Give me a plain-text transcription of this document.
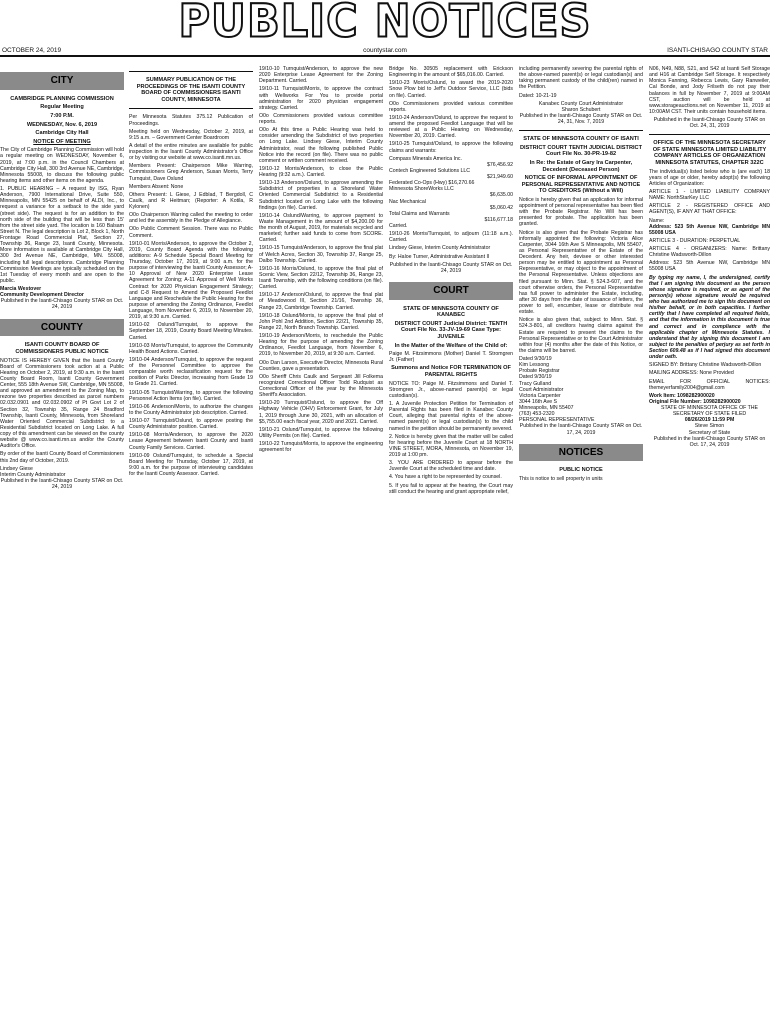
PUBLIC NOTICES
OCTOBER 24, 2019	countystar.com	ISANTI-CHISAGO COUNTY STAR
CITY
CAMBRIDGE PLANNING COMMISSION
Regular Meeting
7:00 P.M.
WEDNESDAY, Nov. 6, 2019
Cambridge City Hall
NOTICE OF MEETING
The City of Cambridge Planning Commission will hold a regular meeting on WEDNESDAY, November 6, 2019, at 7:00 p.m. in the Council Chambers at Cambridge City Hall, 300 3rd Avenue NE, Cambridge, Minnesota 55008, to discuss the following public hearing items and other items on the agenda.
1. PUBLIC HEARING – A request by ISG, Ryan Anderson, 7900 International Drive, Suite 550, Minneapolis, MN 55425 on behalf of ALDI, Inc., to request a variance for a setback to the side yard (street side). The request is for an addition to the north side of the building that will be less than 15' from the street side yard. The location is 160 Balsam Street N. The legal description is Lot 2, Block 1, North Frontage Road Commercial Plat, Section 27, Township 36, Range 23, Isanti County, Minnesota. More information is available at Cambridge City Hall, 300 3rd Avenue NE, Cambridge, MN. 55008, including full legal descriptions. Cambridge Planning Commission Meetings are typically scheduled on the 1st Tuesday of every month and are open to the public.
Marcia Westover
Community Development Director
Published in the Isanti-Chisago County STAR on Oct. 24, 2019
COUNTY
ISANTI COUNTY BOARD OF COMMISSIONERS PUBLIC NOTICE
NOTICE IS HEREBY GIVEN that the Isanti County Board of Commissioners took action at a Public Hearing on October 2, 2019, at 9:30 a.m. in the Isanti County Board Room, Isanti County Government Center, 555 18th Avenue SW, Cambridge, MN 55008, and approved an amendment to the Zoning Map, to rezone two properties described as parcel numbers 02.032.0901 and 02.032.0902 of Pt Govt Lot 2 of Section 32, Township 35, Range 24 Bradford Township, Isanti County, Minnesota, from Shoreland Water Oriented Commercial Subdistrict to a Residential Subdistrict located on Long Lake. A full copy of this amendment can be viewed on the county website @ www.co.isanti.mn.us and/or the County Auditor's Office.
By order of the Isanti County Board of Commissioners this 2nd day of October, 2019.
Lindsey Giese
Interim County Administrator
Published in the Isanti-Chisago County STAR on Oct. 24, 2019
SUMMARY PUBLICATION OF THE PROCEEDINGS OF THE ISANTI COUNTY BOARD OF COMMISSIONERS ISANTI COUNTY, MINNESOTA
Per Minnesota Statutes 375.12 Publication of Proceedings.
Meeting held on Wednesday, October 2, 2019, at 9:15 a.m. – Government Center Boardroom
A detail of the entire minutes are available for public inspection in the Isanti County Administrator's Office or by visiting our website at www.co.isanti.mn.us.
Members Present: Chairperson Mike Warring, Commissioners Greg Anderson, Susan Morris, Terry Turnquist, Dave Oslund
Members Absent: None
Others Present: L Giese, J Edblad, T Bergdoll, C Caulk, and R Heitman; (Reporter: A Kotila, R Kylonen)
O0o Chairperson Warring called the meeting to order and led the assembly in the Pledge of Allegiance.
O0o Public Comment Session. There was no Public Comment.
19/10-01 Morris/Anderson, to approve the October 2, 2019, County Board Agenda with the following additions: A-9 Schedule Special Board Meeting for Thursday, October 17, 2019, at 9:00 a.m. for the purpose of interviewing the Isanti County Assessor; A-10 Approval of New 2020 Enterprise Lease Agreement for Zoning; A-11 Approval of Well Works Contract for 2020 Physician Engagement Strategy; and C-8 Request to Amend the Proposed Feedlot Language and Reschedule the Public Hearing for the purpose of amending the Zoning Ordinance, Feedlot Language, from November 6, 2019, to November 20, 2019, at 9:30 a.m. Carried.
19/10-02 Oslund/Turnquist, to approve the September 18, 2019, County Board Meeting Minutes. Carried.
19/10-03 Morris/Turnquist, to approve the Community Health Board Actions. Carried.
19/10-04 Anderson/Turnquist, to approve the request of the Personnel Committee to approve the comparable worth reclassification request for the position of Parks Director, increasing from Grade 19 to Grade 21. Carried.
19/10-05 Turnquist/Warring, to approve the following Personnel Action Items (on file). Carried.
19/10-06 Anderson/Morris, to authorize the changes to the County Administrator job description. Carried.
19/10-07 Turnquist/Oslund, to approve posting the County Administrator position. Carried.
19/10-08 Morris/Anderson, to approve the 2020 Lease Agreement between Isanti County and Isanti County Family Services. Carried.
19/10-09 Oslund/Turnquist, to schedule a Special Board Meeting for Thursday, October 17, 2019, at 9:00 a.m. for the purpose of interviewing candidates for the Isanti County Assessor. Carried.
19/10-10 Turnquist/Anderson, to approve the new 2020 Enterprise Lease Agreement for the Zoning Department. Carried.
19/10-11 Turnquist/Morris, to approve the contract with Wellworks For You to provide portal administration for 2020 physician engagement strategy. Carried.
O0o Commissioners provided various committee reports.
O0o At this time a Public Hearing was held to consider amending the Subdistrict of two properties on Long Lake. Lindsey Giese, Interim County Administrator, read the following published Public Notice into the record (on file). There was no public comment or written comment received.
19/10-12 Morris/Anderson, to close the Public Hearing (9:32 a.m.). Carried.
19/10-13 Anderson/Oslund, to approve amending the Subdistrict of properties in a Shoreland Water Oriented Commercial Subdistrict to a Residential Subdistrict located on Long Lake with the following findings (on file). Carried.
19/10-14 Oslund/Warring, to approve payment to Waste Management in the amount of $4,200.00 for the month of August, 2019, for materials recycled and marketed; further said funds to come from SCORE. Carried.
19/10-15 Turnquist/Anderson, to approve the final plat of Welch Acres, Section 30, Township 37, Range 25, Dalbo Township. Carried.
19/10-16 Morris/Oslund, to approve the final plat of Scenic View, Section 22/12, Township 36, Range 23, Isanti Township, with the following conditions (on file). Carried.
19/10-17 Anderson/Oslund, to approve the final plat of Meadowood III, Section 21/16, Township 36, Range 23, Cambridge Township. Carried.
19/10-18 Oslund/Morris, to approve the final plat of John Pohl 2nd Addition, Section 22/21, Township 35, Range 22, North Branch Township. Carried.
19/10-19 Anderson/Morris, to reschedule the Public Hearing for the purpose of amending the Zoning Ordinance, Feedlot Language, from November 6, 2019, to November 20, 2019, at 9:30 a.m. Carried.
O0o Dan Larson, Executive Director, Minnesota Rural Counties, gave a presentation.
O0o Sheriff Chris Caulk and Sergeant Jill Folkema recognized Correctional Officer Todd Rudquist as Correctional Officer of the year by the Minnesota Sheriff's Association.
19/10-20 Turnquist/Oslund, to approve the Off Highway Vehicle (OHV) Enforcement Grant, for July 1, 2019 through June 30, 2021, with an allocation of $5,755.00 each fiscal year, 2020 and 2021. Carried.
19/10-21 Oslund/Turnquist, to approve the following Utility Permits (on file). Carried.
19/10-22 Turnquist/Morris, to approve the engineering agreement for
Bridge No. 30505 replacement with Erickson Engineering in the amount of $65,016.00. Carried.
19/10-23 Morris/Oslund, to award the 2019-2020 Snow Plow bid to Jeff's Outdoor Service, LLC (bids on file). Carried.
O0o Commissioners provided various committee reports.
19/10-24 Anderson/Oslund, to approve the request to amend the proposed Feedlot Language that will be reviewed at a Public Hearing on Wednesday, November 20, 2019. Carried.
19/10-25 Turnquist/Oslund, to approve the following claims and warrants:
Compass Minerals America Inc.
$76,456.92
Contech Engineered Solutions LLC
$21,949.60
Federated Co-Ops (Hwy) $16,270.66
Minnesota ShoreWorks LLC
$6,635.00
Nac Mechanical
$5,060.42
Total Claims and Warrants
$116,677.18
Carried.
19/10-26 Morris/Turnquist, to adjourn (11:18 a.m.). Carried.
Lindsey Giese, Interim County Administrator
By: Haloe Turner, Administrative Assistant II
Published in the Isanti-Chisago County STAR on Oct. 24, 2019
COURT
STATE OF MINNESOTA COUNTY OF KANABEC
DISTRICT COURT Judicial District: TENTH Court File No. 33-JV-19-69 Case Type: JUVENILE
In the Matter of the Welfare of the Child of:
Paige M. Fitzsimmons (Mother) Daniel T. Stromgren Jr. (Father)
Summons and Notice FOR TERMINATION OF PARENTAL RIGHTS
NOTICE TO: Paige M. Fitzsimmons and Daniel T. Stromgren Jr., above-named parent(s) or legal custodian(s).
1. A Juvenile Protection Petition for Termination of Parental Rights has been filed in Kanabec County Court, alleging that parental rights of the above-named parent(s) or legal custodian(s) to the child named in the petition should be permanently severed.
2. Notice is hereby given that the matter will be called for hearing before the Juvenile Court at 18 NORTH VINE STREET, MORA, Minnesota, on November 19, 2019 at 1:00 pm.
3. YOU ARE ORDERED to appear before the Juvenile Court at the scheduled time and date.
4. You have a right to be represented by counsel.
5. If you fail to appear at the hearing, the Court may still conduct the hearing and grant appropriate relief,
including permanently severing the parental rights of the above-named parent(s) or legal custodian(s) and taking permanent custody of the child(ren) named in the Petition.
Dated: 10-21-19
Kanabec County Court Administrator
Sharon Schubert
Published in the Isanti-Chisago County STAR on Oct. 24, 31, Nov. 7, 2019
STATE OF MINNESOTA COUNTY OF ISANTI
DISTRICT COURT TENTH JUDICIAL DISTRICT Court File No. 30-PR-19-82
In Re: the Estate of Gary Ira Carpenter, Decedent (Deceased Person)
NOTICE OF INFORMAL APPOINTMENT OF PERSONAL REPRESENTATIVE AND NOTICE TO CREDITORS (Without a Will)
Notice is hereby given that an application for informal appointment of personal representative has been filed with the Probate Registrar. No Will has been presented for probate. The application has been granted.
Notice is also given that the Probate Registrar has informally appointed the following: Victoria Alice Carpenter, 3044 16th Ave S Minneapolis, MN 55407, as Personal Representative of the Estate of the Decedent. Any heir, devisee or other interested person may be entitled to appointment as Personal Representative, or may object to the appointment of the Personal Representative. Unless objections are filed pursuant to Minn. Stat. § 524.3-607, and the court otherwise orders, the Personal Representative has full power to administer the Estate, including, after 30 days from the date of issuance of letters, the power to sell, encumber, lease or distribute real estate.
Notice is also given that, subject to Minn. Stat. § 524.3-801, all creditors having claims against the Estate are required to present the claims to the Personal Representative or to the Court Administrator within four (4) months after the date of this Notice, or the claims will be barred.
Dated 9/30/19
Kim Lessong
Probate Registrar
Dated 9/30/19
Tracy Gulland
Court Administrator
Victoria Carpenter
3044 16th Ave S
Minneapolis, MN 55407
(763) 453-2320
PERSONAL REPRESENTATIVE
Published in the Isanti-Chisago County STAR on Oct. 17, 24, 2019
NOTICES
PUBLIC NOTICE
This is notice to sell property in units
N06, N49, N88, S21, and S42 at Isanti Self Storage and H16 at Cambridge Self Storage. It respectively Monica Fanning, Rebecca Lewis, Gary Ranweiler, Cal Bonde, and Jody Frilseth do not pay their balances in full by November 7, 2019 at 9:00AM CST, auction will be held at www.storageauctions.net on November 11, 2019 at 10:00AM CST. Their units contain household items.
Published in the Isanti-Chisago County STAR on Oct. 24, 31, 2019
OFFICE OF THE MINNESOTA SECRETARY OF STATE MINNESOTA LIMITED LIABILITY COMPANY ARTICLES OF ORGANIZATION MINNESOTA STATUTES, CHAPTER 322C
The individual(s) listed below who is (are each) 18 years of age or older, hereby adopt(s) the following Articles of Organization:
ARTICLE 1 - LIMITED LIABILITY COMPANY NAME: NorthStarKey LLC
ARTICLE 2 - REGISTERED OFFICE AND AGENT(S), IF ANY AT THAT OFFICE:
Name:
Address: 523 5th Avenue NW, Cambridge MN 55008 USA
ARTICLE 3 - DURATION: PERPETUAL
ARTICLE 4 - ORGANIZERS: Name: Brittany Christine Wadsworth-Dillon
Address: 523 5th Avenue NW, Cambridge MN 55008 USA
By typing my name, I, the undersigned, certify that I am signing this document as the person whose signature is required, or as agent of the person(s) whose signature would be required who has authorized me to sign this document on his/her behalf, or in both capacities. I further certify that I have completed all required fields, and that the information in this document is true and correct and in compliance with the applicable chapter of Minnesota Statutes. I understand that by signing this document I am subject to the penalties of perjury as set forth in Section 609.48 as if I had signed this document under oath.
SIGNED BY: Brittany Christine Wadsworth-Dillon
MAILING ADDRESS: None Provided
EMAIL FOR OFFICIAL NOTICES: themeyerfamily2004@gmail.com
Work Item: 1098282900020
Original File Number: 1098282900020
STATE OF MINNESOTA OFFICE OF THE SECRETARY OF STATE FILED
08/26/2019 11:59 PM
Steve Simon
Secretary of State
Published in the Isanti-Chisago County STAR on Oct. 17, 24, 2019
